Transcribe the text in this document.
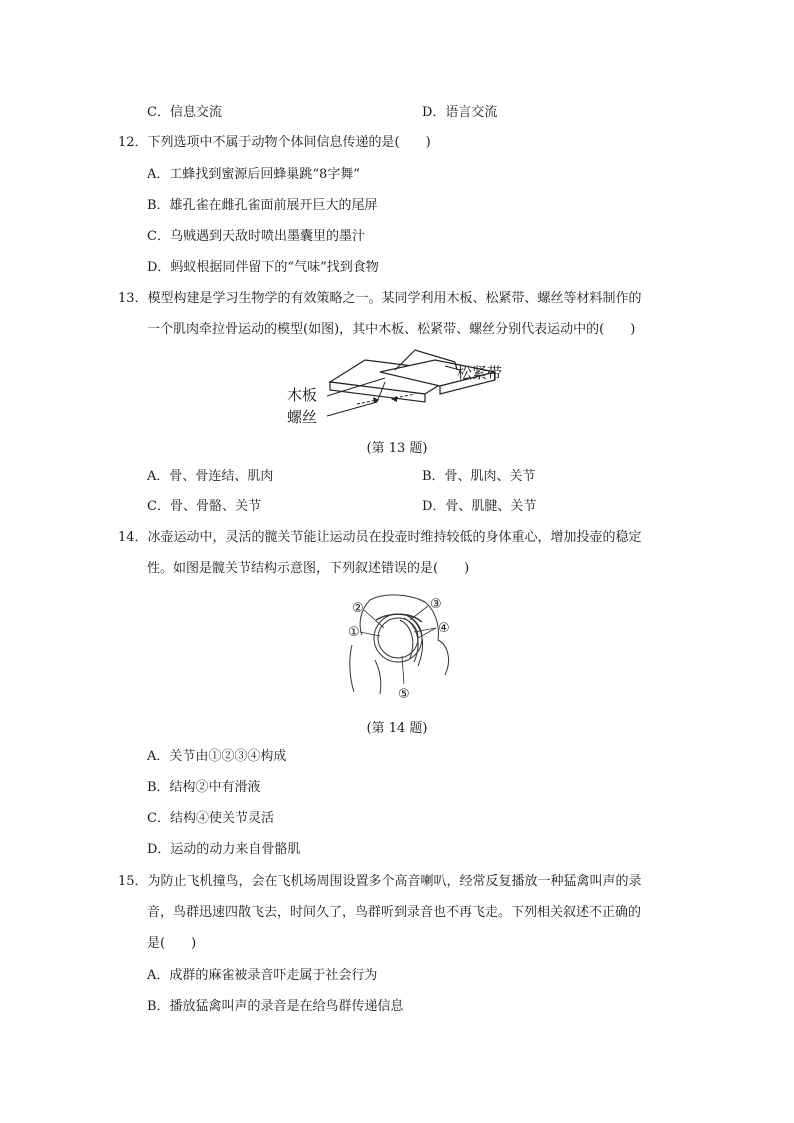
C．信息交流	D．语言交流
12．下列选项中不属于动物个体间信息传递的是(　　)
A．工蜂找到蜜源后回蜂巢跳“8字舞”
B．雄孔雀在雌孔雀面前展开巨大的尾屏
C．乌贼遇到天敌时喷出墨囊里的墨汁
D．蚂蚁根据同伴留下的“气味”找到食物
13．模型构建是学习生物学的有效策略之一。某同学利用木板、松紧带、螺丝等材料制作的
一个肌肉牵拉骨运动的模型(如图)，其中木板、松紧带、螺丝分别代表运动中的(　　)
木板
螺丝
松紧带
(第 13 题)
A．骨、骨连结、肌肉	B．骨、肌肉、关节
C．骨、骨骼、关节	D．骨、肌腱、关节
14．冰壶运动中，灵活的髋关节能让运动员在投壶时维持较低的身体重心，增加投壶的稳定
性。如图是髋关节结构示意图，下列叙述错误的是(　　)
①
②	③
④
⑤
(第 14 题)
A．关节由①②③④构成
B．结构②中有滑液
C．结构④使关节灵活
D．运动的动力来自骨骼肌
15．为防止飞机撞鸟，会在飞机场周围设置多个高音喇叭，经常反复播放一种猛禽叫声的录
音，鸟群迅速四散飞去，时间久了，鸟群听到录音也不再飞走。下列相关叙述不正确的
是(　　)
A．成群的麻雀被录音吓走属于社会行为
B．播放猛禽叫声的录音是在给鸟群传递信息
